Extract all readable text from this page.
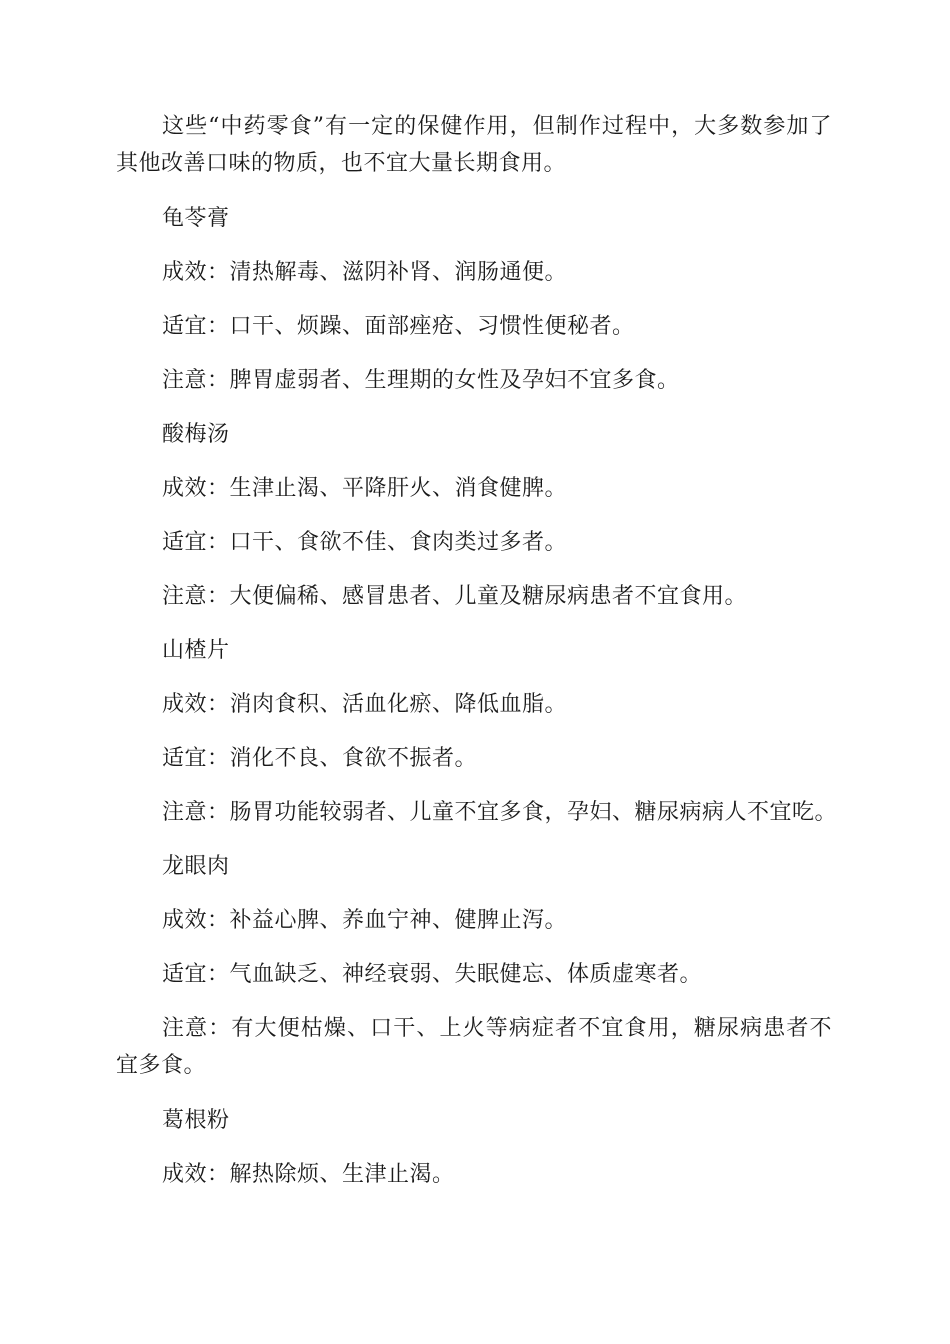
这些“中药零食”有一定的保健作用，但制作过程中，大多数参加了其他改善口味的物质，也不宜大量长期食用。

龟苓膏

成效：清热解毒、滋阴补肾、润肠通便。

适宜：口干、烦躁、面部痤疮、习惯性便秘者。

注意：脾胃虚弱者、生理期的女性及孕妇不宜多食。

酸梅汤

成效：生津止渴、平降肝火、消食健脾。

适宜：口干、食欲不佳、食肉类过多者。

注意：大便偏稀、感冒患者、儿童及糖尿病患者不宜食用。

山楂片

成效：消肉食积、活血化瘀、降低血脂。

适宜：消化不良、食欲不振者。

注意：肠胃功能较弱者、儿童不宜多食，孕妇、糖尿病病人不宜吃。

龙眼肉

成效：补益心脾、养血宁神、健脾止泻。

适宜：气血缺乏、神经衰弱、失眠健忘、体质虚寒者。

注意：有大便枯燥、口干、上火等病症者不宜食用，糖尿病患者不宜多食。

葛根粉

成效：解热除烦、生津止渴。
